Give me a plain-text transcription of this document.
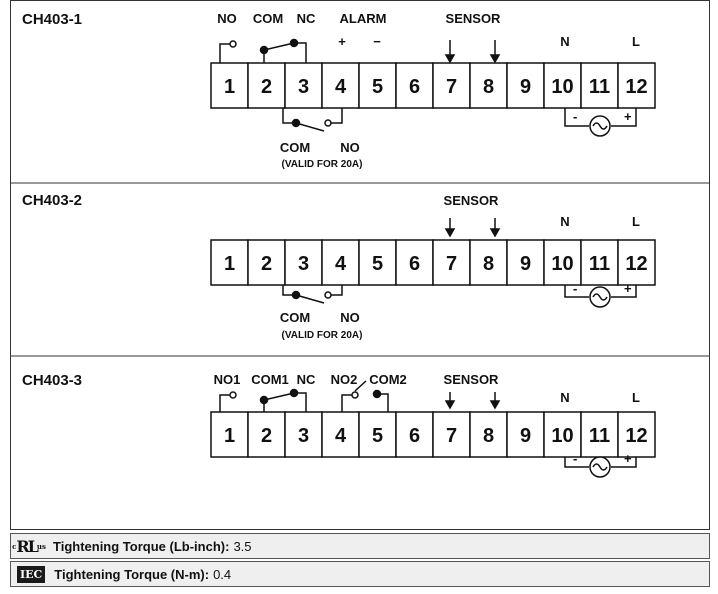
CH403-1	NO COM NC ALARM
+ −
SENSOR
N	L
1 2 3 4 5 6 7 8 9 10 11 12
-	+
COM NO
(VALID FOR 20A)
CH403-2	SENSOR
N	L
1 2 3 4 5 6 7 8 9 10 11 12
-	+
COM NO
(VALID FOR 20A)
CH403-3	NO1 COM1 NC NO2 COM2	SENSOR
N	L
1 2 3 4 5 6 7 8 9 10 11 12
-	+
c 𝐑𝐋 us Tightening Torque (Lb-inch): 3.5
IEC Tightening Torque (N-m): 0.4
